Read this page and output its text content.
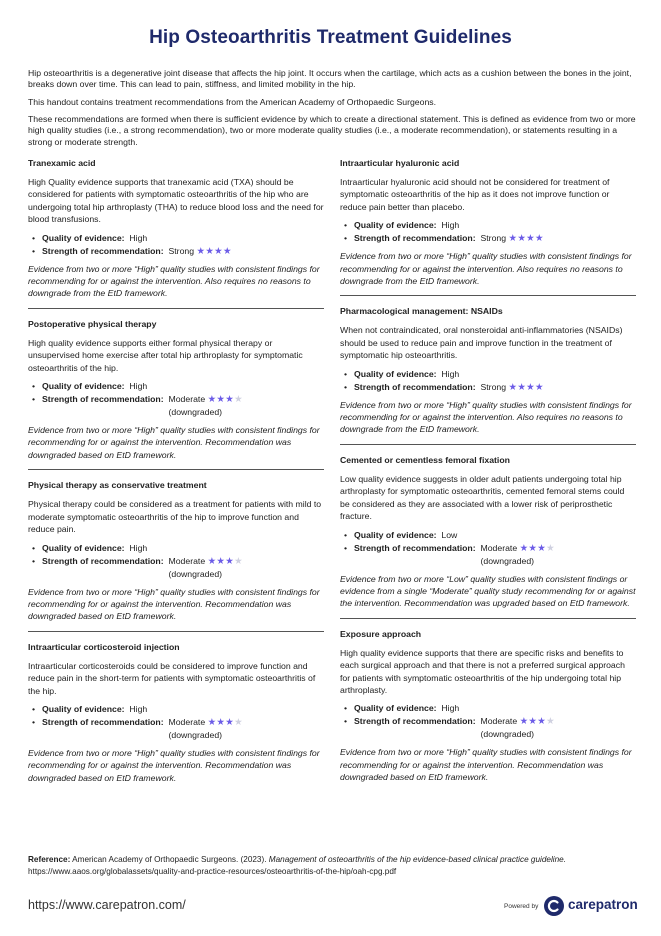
Hip Osteoarthritis Treatment Guidelines

Hip osteoarthritis is a degenerative joint disease that affects the hip joint. It occurs when the cartilage, which acts as a cushion between the bones in the joint, breaks down over time. This can lead to pain, stiffness, and limited mobility in the hip.

This handout contains treatment recommendations from the American Academy of Orthopaedic Surgeons.

These recommendations are formed when there is sufficient evidence by which to create a directional statement. This is defined as evidence from two or more high quality studies (i.e., a strong recommendation), two or more moderate quality studies (i.e., a moderate recommendation), or statements resulting in a strong or moderate strength.

Tranexamic acid
High Quality evidence supports that tranexamic acid (TXA) should be considered for patients with symptomatic osteoarthritis of the hip who are undergoing total hip arthroplasty (THA) to reduce blood loss and the need for blood transfusions.
• Quality of evidence: High
• Strength of recommendation: Strong ★★★★
Evidence from two or more “High” quality studies with consistent findings for recommending for or against the intervention. Also requires no reasons to downgrade from the EtD framework.
Postoperative physical therapy
High quality evidence supports either formal physical therapy or unsupervised home exercise after total hip arthroplasty for symptomatic osteoarthritis of the hip.
• Quality of evidence: High
• Strength of recommendation: Moderate ★★★★
(downgraded)
Evidence from two or more “High” quality studies with consistent findings for recommending for or against the intervention. Recommendation was downgraded based on EtD framework.
Physical therapy as conservative treatment
Physical therapy could be considered as a treatment for patients with mild to moderate symptomatic osteoarthritis of the hip to improve function and reduce pain.
• Quality of evidence: High
• Strength of recommendation: Moderate ★★★★
(downgraded)
Evidence from two or more “High” quality studies with consistent findings for recommending for or against the intervention. Recommendation was downgraded based on EtD framework.
Intraarticular corticosteroid injection
Intraarticular corticosteroids could be considered to improve function and reduce pain in the short-term for patients with symptomatic osteoarthritis of the hip.
• Quality of evidence: High
• Strength of recommendation: Moderate ★★★★
(downgraded)
Evidence from two or more “High” quality studies with consistent findings for recommending for or against the intervention. Recommendation was downgraded based on EtD framework.
Intraarticular hyaluronic acid
Intraarticular hyaluronic acid should not be considered for treatment of symptomatic osteoarthritis of the hip as it does not improve function or reduce pain better than placebo.
• Quality of evidence: High
• Strength of recommendation: Strong ★★★★
Evidence from two or more “High” quality studies with consistent findings for recommending for or against the intervention. Also requires no reasons to downgrade from the EtD framework.
Pharmacological management: NSAIDs
When not contraindicated, oral nonsteroidal anti-inflammatories (NSAIDs) should be used to reduce pain and improve function in the treatment of symptomatic hip osteoarthritis.
• Quality of evidence: High
• Strength of recommendation: Strong ★★★★
Evidence from two or more “High” quality studies with consistent findings for recommending for or against the intervention. Also requires no reasons to downgrade from the EtD framework.
Cemented or cementless femoral fixation
Low quality evidence suggests in older adult patients undergoing total hip arthroplasty for symptomatic osteoarthritis, cemented femoral stems could be considered as they are associated with a lower risk of periprosthetic fracture.
• Quality of evidence: Low
• Strength of recommendation: Moderate ★★★★
(downgraded)
Evidence from two or more “Low” quality studies with consistent findings or evidence from a single “Moderate” quality study recommending for or against the intervention. Recommendation was upgraded based on EtD framework.
Exposure approach
High quality evidence supports that there are specific risks and benefits to each surgical approach and that there is not a preferred surgical approach for patients with symptomatic osteoarthritis of the hip undergoing total hip arthroplasty.
• Quality of evidence: High
• Strength of recommendation: Moderate ★★★★
(downgraded)
Evidence from two or more “High” quality studies with consistent findings for recommending for or against the intervention. Recommendation was downgraded based on EtD framework.
Reference: American Academy of Orthopaedic Surgeons. (2023). Management of osteoarthritis of the hip evidence-based clinical practice guideline. https://www.aaos.org/globalassets/quality-and-practice-resources/osteoarthritis-of-the-hip/oah-cpg.pdf
https://www.carepatron.com/	Powered by carepatron
